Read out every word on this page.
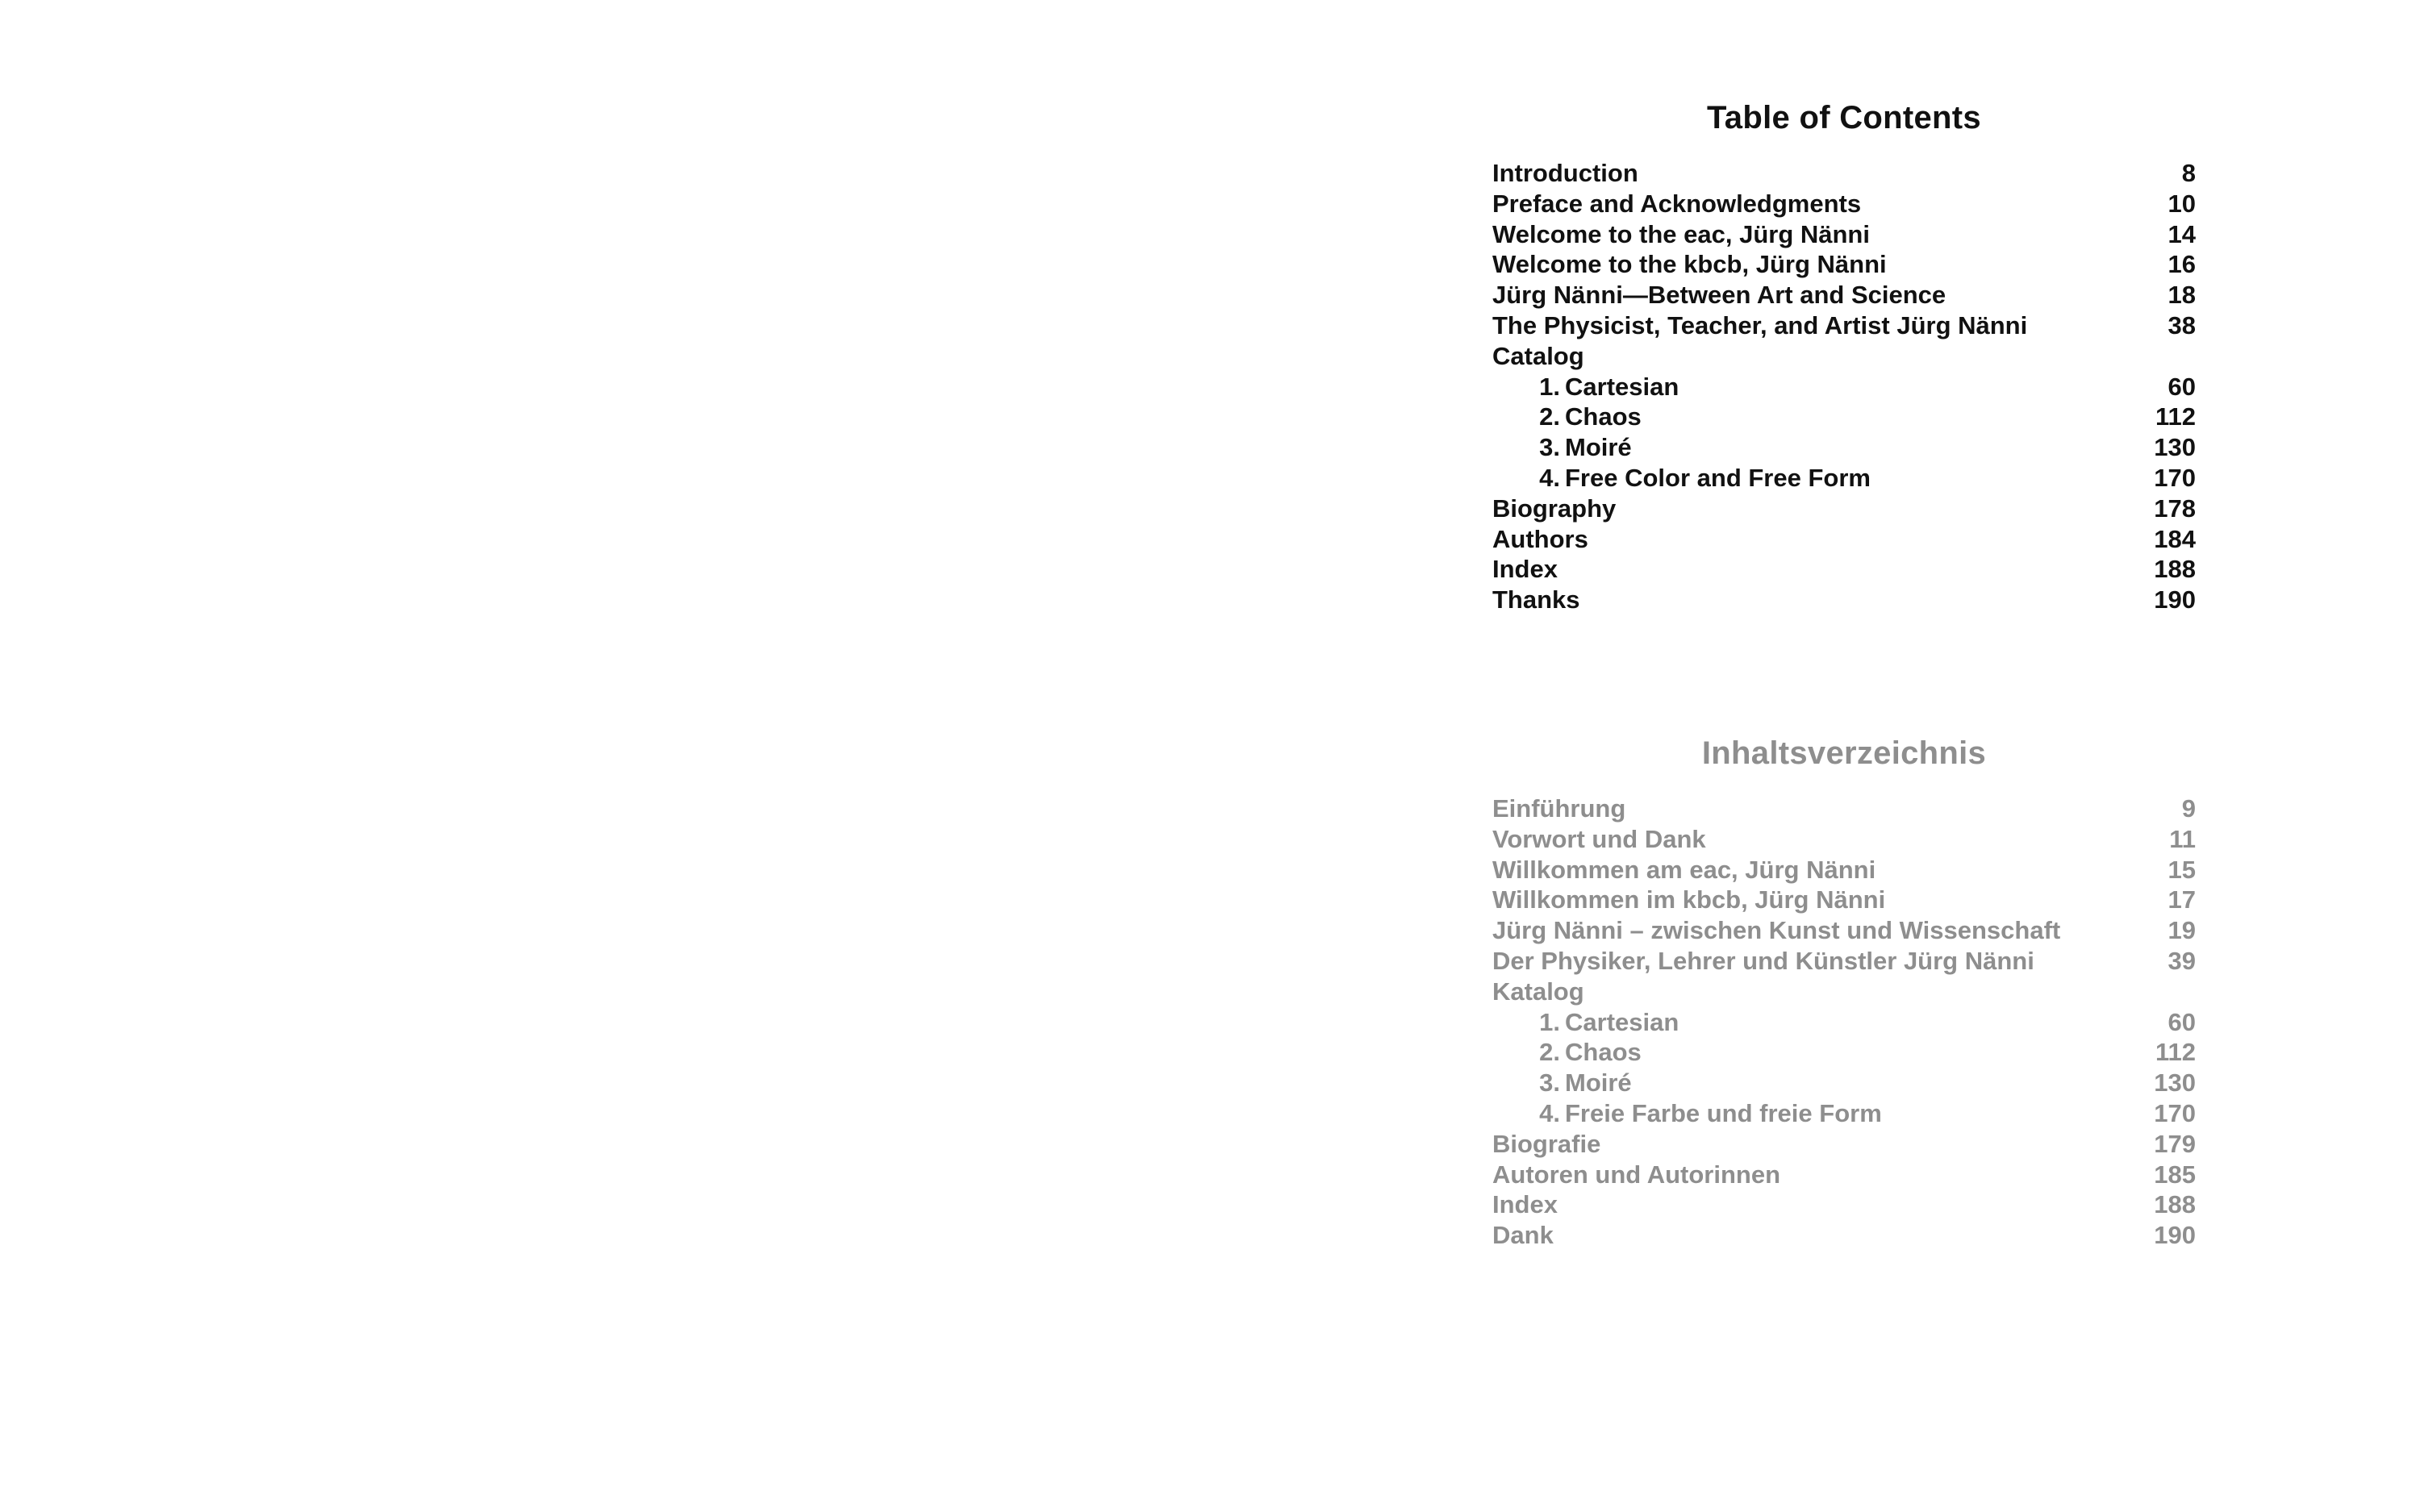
Table of Contents
Introduction	8
Preface and Acknowledgments	10
Welcome to the eac, Jürg Nänni	14
Welcome to the kbcb, Jürg Nänni	16
Jürg Nänni—Between Art and Science	18
The Physicist, Teacher, and Artist Jürg Nänni	38
Catalog
1. Cartesian	60
2. Chaos	112
3. Moiré	130
4. Free Color and Free Form	170
Biography	178
Authors	184
Index	188
Thanks	190
Inhaltsverzeichnis
Einführung	9
Vorwort und Dank	11
Willkommen am eac, Jürg Nänni	15
Willkommen im kbcb, Jürg Nänni	17
Jürg Nänni – zwischen Kunst und Wissenschaft	19
Der Physiker, Lehrer und Künstler Jürg Nänni	39
Katalog
1. Cartesian	60
2. Chaos	112
3. Moiré	130
4. Freie Farbe und freie Form	170
Biografie	179
Autoren und Autorinnen	185
Index	188
Dank	190
